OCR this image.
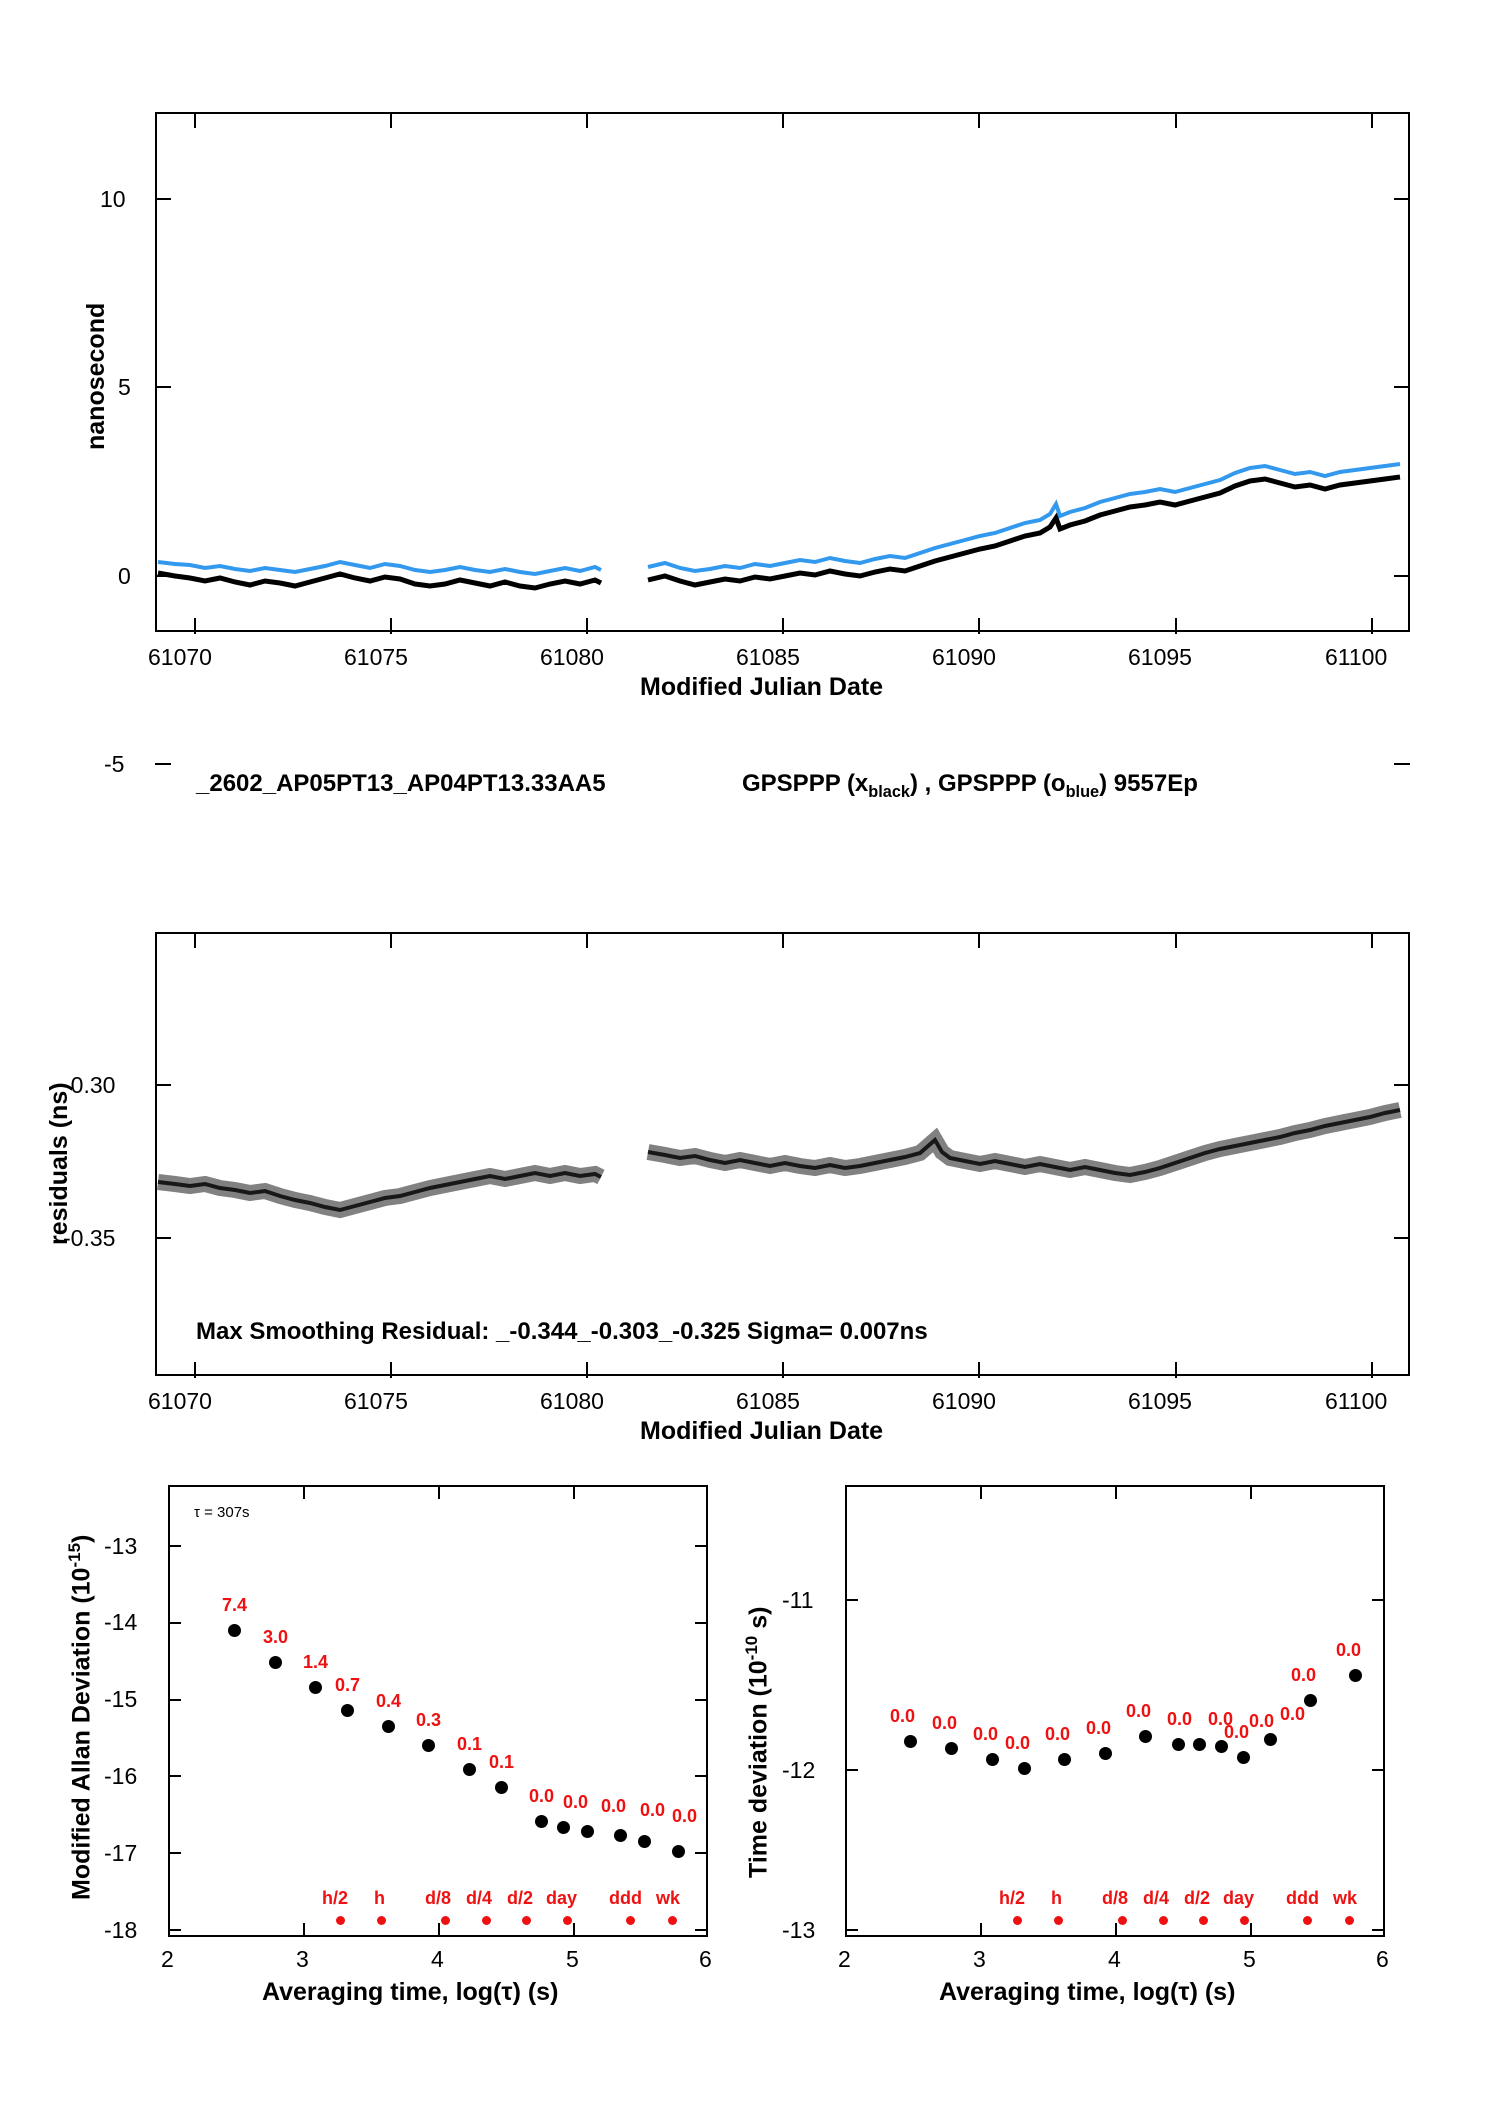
10
5
0
-5
61070	61075	61080	61085	61090	61095	61100
Modified Julian Date
nanosecond
_2602_AP05PT13_AP04PT13.33AA5	GPSPPP $(x_{black})$ , GPSPPP $(o_{blue})$ 9557Ep
-0.30
-0.35
61070	61075	61080	61085	61090	61095	61100
Modified Julian Date
residuals (ns)
Max Smoothing Residual: _-0.344_-0.303_-0.325 Sigma= 0.007ns
-13
-14
-15
-16
-17
-18
2	3	4	5	6
Averaging time, log(τ) (s)
Modified Allan Deviation $(10^{-15})$
τ = 307s
7.4
3.0
1.4
0.7
0.4
0.3
0.1
0.1
0.0 0.0 0.0 0.0 0.0
h/2 h d/8 d/4 d/2 day ddd wk
-11
-12
-13
2	3	4	5	6
Averaging time, log(τ) (s)
Time deviation ($10^{-10}$ s)
0.0 0.0
0.0 0.0 0.0 0.0
0.0 0.0 0.0 0.0
0.0
0.0
0.0
0.0
h/2 h d/8 d/4 d/2 day ddd wk
